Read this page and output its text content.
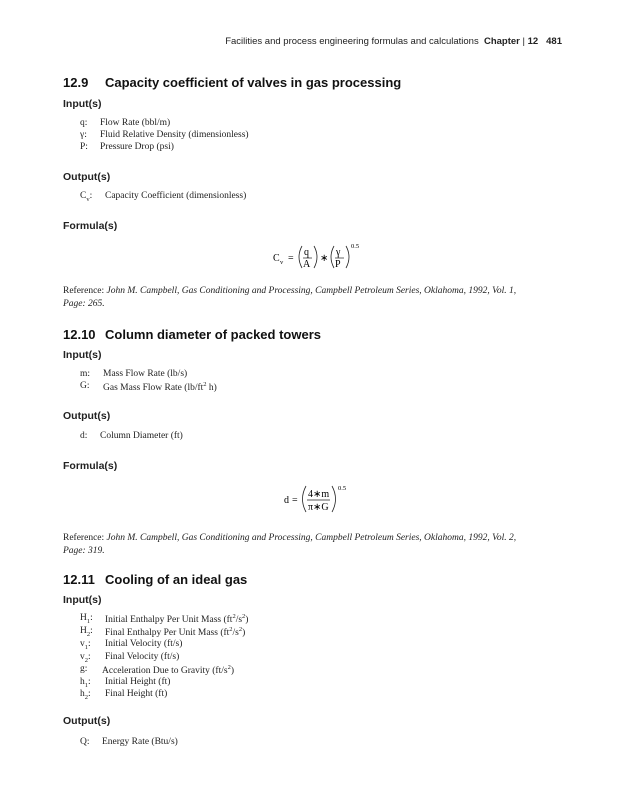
Facilities and process engineering formulas and calculations Chapter | 12 481
12.9 Capacity coefficient of valves in gas processing
Input(s)
q: Flow Rate (bbl/m)
γ: Fluid Relative Density (dimensionless)
P: Pressure Drop (psi)
Output(s)
$C_v$: Capacity Coefficient (dimensionless)
Formula(s)
C v =
q
A
∗
γ
P
0.5
Reference: John M. Campbell, Gas Conditioning and Processing, Campbell Petroleum Series, Oklahoma, 1992, Vol. 1,
Page: 265.
12.10 Column diameter of packed towers
Input(s)
m: Mass Flow Rate (lb/s)
G: Gas Mass Flow Rate ($lb/ft^2$ h)
Output(s)
d: Column Diameter (ft)
Formula(s)
d =
4∗m
π∗G
0.5
Reference: John M. Campbell, Gas Conditioning and Processing, Campbell Petroleum Series, Oklahoma, 1992, Vol. 2,
Page: 319.
12.11 Cooling of an ideal gas
Input(s)
$H_1$: Initial Enthalpy Per Unit Mass $(ft^2/s^2)$
$H_2$: Final Enthalpy Per Unit Mass $(ft^2/s^2)$
$v_1$: Initial Velocity (ft/s)
$v_2$: Final Velocity (ft/s)
g: Acceleration Due to Gravity $(ft/s^2)$
$h_1$: Initial Height (ft)
$h_2$: Final Height (ft)
Output(s)
Q: Energy Rate (Btu/s)
